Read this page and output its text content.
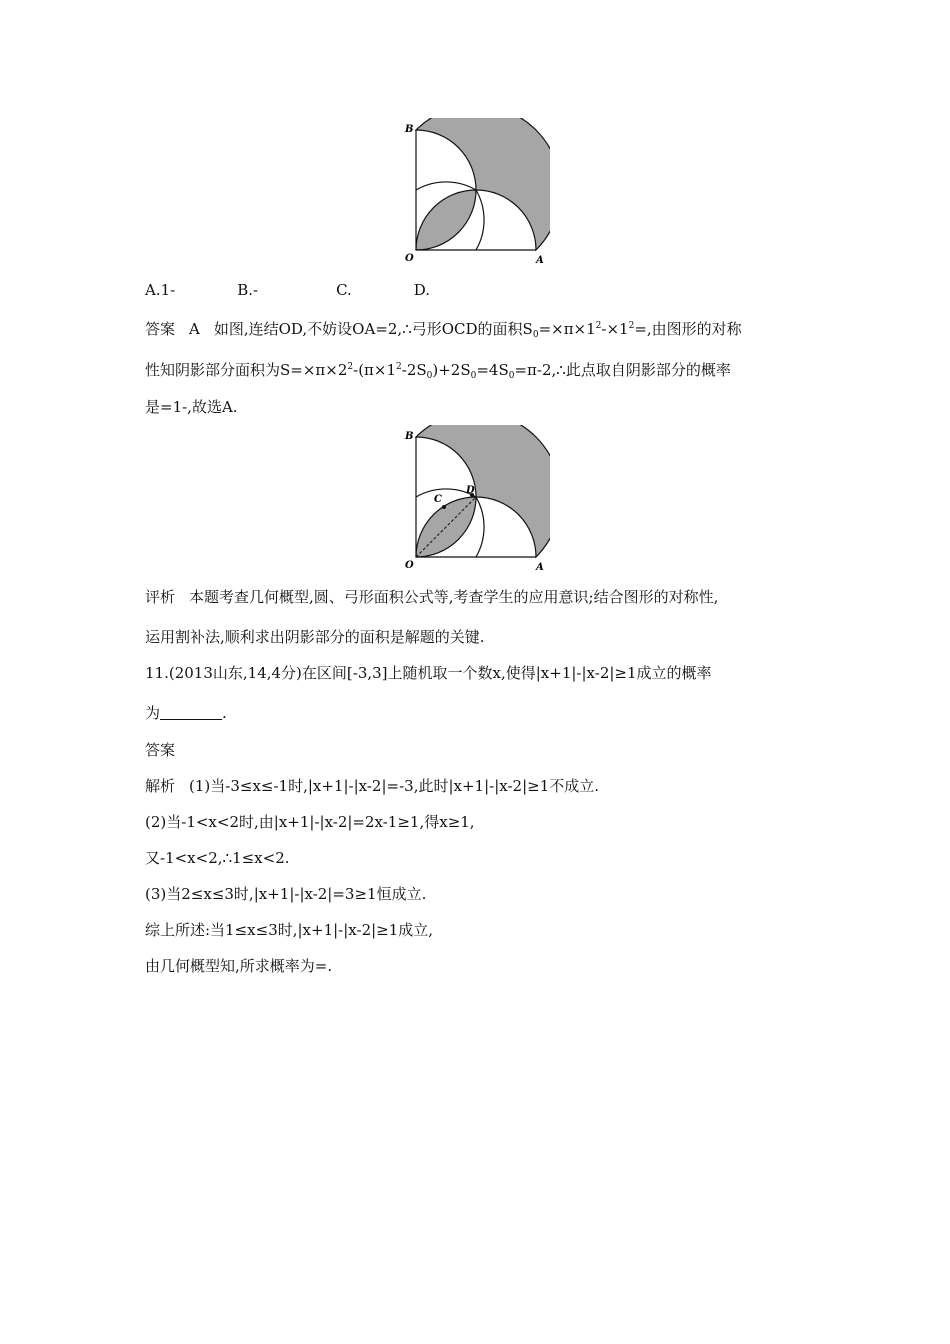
B
O	A
A.1-	B.-	C.	D.
答案 A 如图,连结OD,不妨设OA=2,∴弓形OCD的面积$S_0=\times\pi\times 1^2-\times 1^2=$,由图形的对称
性知阴影部分面积为$S=\times\pi\times 2^2-(\pi\times 1^2-2S_0)+2S_0=4S_0=\pi-2,\therefore$此点取自阴影部分的概率
是=1-,故选A.
B
O	A
C
D
评析 本题考查几何概型,圆、弓形面积公式等,考查学生的应用意识;结合图形的对称性,
运用割补法,顺利求出阴影部分的面积是解题的关键.
11.(2013山东,14,4分)在区间[-3,3]上随机取一个数x,使得|x+1|-|x-2|≥1成立的概率
为	.
答案
解析 (1)当-3≤x≤-1时,|x+1|-|x-2|=-3,此时|x+1|-|x-2|≥1不成立.
(2)当-1<x<2时,由|x+1|-|x-2|=2x-1≥1,得x≥1,
又-1<x<2,∴1≤x<2.
(3)当2≤x≤3时,|x+1|-|x-2|=3≥1恒成立.
综上所述:当1≤x≤3时,|x+1|-|x-2|≥1成立,
由几何概型知,所求概率为=.
